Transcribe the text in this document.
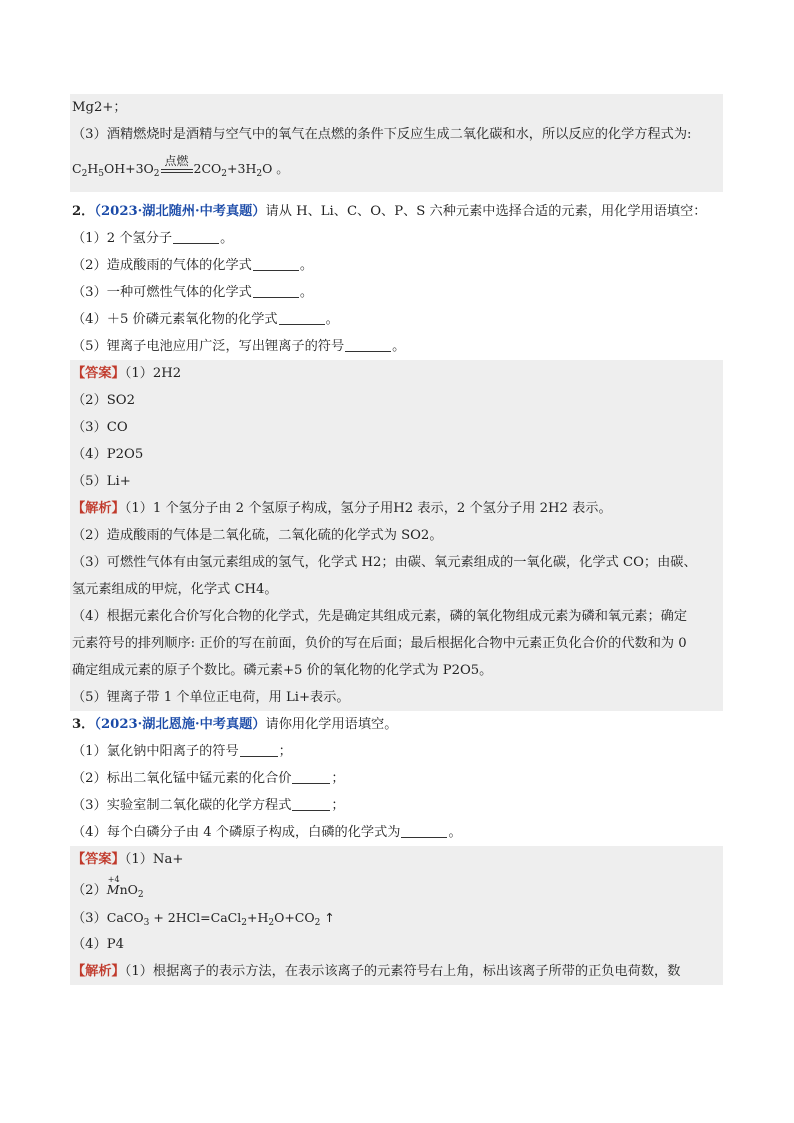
Mg2+；
（3）酒精燃烧时是酒精与空气中的氧气在点燃的条件下反应生成二氧化碳和水，所以反应的化学方程式为:
$C_2H_5OH+3O_2$
点燃 $2CO_2+3H_2O$ 。
2．（2023·湖北随州·中考真题）请从 H、Li、C、O、P、S 六种元素中选择合适的元素，用化学用语填空：
（1）2 个氢分子	。
（2）造成酸雨的气体的化学式	。
（3）一种可燃性气体的化学式	。
（4）＋5 价磷元素氧化物的化学式	。
（5）锂离子电池应用广泛，写出锂离子的符号	。
【答案】（1）2H2
（2）SO2
（3）CO
（4）P2O5
（5）Li+
【解析】（1）1 个氢分子由 2 个氢原子构成，氢分子用H2 表示，2 个氢分子用 2H2 表示。
（2）造成酸雨的气体是二氧化硫，二氧化硫的化学式为 SO2。
（3）可燃性气体有由氢元素组成的氢气，化学式 H2；由碳、氧元素组成的一氧化碳，化学式 CO；由碳、
氢元素组成的甲烷，化学式 CH4。
（4）根据元素化合价写化合物的化学式，先是确定其组成元素，磷的氧化物组成元素为磷和氧元素；确定
元素符号的排列顺序: 正价的写在前面，负价的写在后面；最后根据化合物中元素正负化合价的代数和为 0
确定组成元素的原子个数比。磷元素+5 价的氧化物的化学式为 P2O5。
（5）锂离子带 1 个单位正电荷，用 Li+表示。
3．（2023·湖北恩施·中考真题）请你用化学用语填空。
（1）氯化钠中阳离子的符号	；
（2）标出二氧化锰中锰元素的化合价	；
（3）实验室制二氧化碳的化学方程式	；
（4）每个白磷分子由 4 个磷原子构成，白磷的化学式为	。
【答案】（1）Na+
（2）
+4
MnO$_2$
（3）CaCO$_3$ + $2HCl=CaCl_2+H_2O+CO_2$ ↑
（4）P4
【解析】（1）根据离子的表示方法，在表示该离子的元素符号右上角，标出该离子所带的正负电荷数，数
